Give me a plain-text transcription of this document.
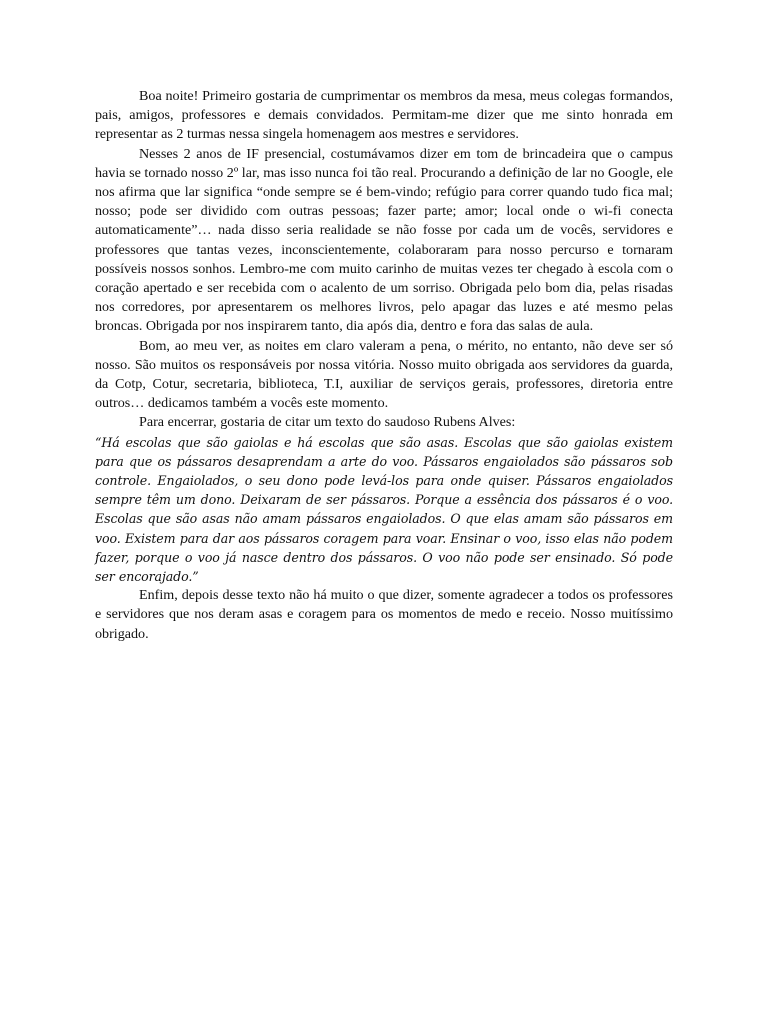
Boa noite! Primeiro gostaria de cumprimentar os membros da mesa, meus colegas formandos, pais, amigos, professores e demais convidados. Permitam-me dizer que me sinto honrada em representar as 2 turmas nessa singela homenagem aos mestres e servidores.

Nesses 2 anos de IF presencial, costumávamos dizer em tom de brincadeira que o campus havia se tornado nosso 2º lar, mas isso nunca foi tão real. Procurando a definição de lar no Google, ele nos afirma que lar significa “onde sempre se é bem-vindo; refúgio para correr quando tudo fica mal; nosso; pode ser dividido com outras pessoas; fazer parte; amor; local onde o wi-fi conecta automaticamente”… nada disso seria realidade se não fosse por cada um de vocês, servidores e professores que tantas vezes, inconscientemente, colaboraram para nosso percurso e tornaram possíveis nossos sonhos. Lembro-me com muito carinho de muitas vezes ter chegado à escola com o coração apertado e ser recebida com o acalento de um sorriso. Obrigada pelo bom dia, pelas risadas nos corredores, por apresentarem os melhores livros, pelo apagar das luzes e até mesmo pelas broncas. Obrigada por nos inspirarem tanto, dia após dia, dentro e fora das salas de aula.

Bom, ao meu ver, as noites em claro valeram a pena, o mérito, no entanto, não deve ser só nosso. São muitos os responsáveis por nossa vitória. Nosso muito obrigada aos servidores da guarda, da Cotp, Cotur, secretaria, biblioteca, T.I, auxiliar de serviços gerais, professores, diretoria entre outros… dedicamos também a vocês este momento.

Para encerrar, gostaria de citar um texto do saudoso Rubens Alves:

“Há escolas que são gaiolas e há escolas que são asas. Escolas que são gaiolas existem para que os pássaros desaprendam a arte do voo. Pássaros engaiolados são pássaros sob controle. Engaiolados, o seu dono pode levá-los para onde quiser. Pássaros engaiolados sempre têm um dono. Deixaram de ser pássaros. Porque a essência dos pássaros é o voo. Escolas que são asas não amam pássaros engaiolados. O que elas amam são pássaros em voo. Existem para dar aos pássaros coragem para voar. Ensinar o voo, isso elas não podem fazer, porque o voo já nasce dentro dos pássaros. O voo não pode ser ensinado. Só pode ser encorajado.”

Enfim, depois desse texto não há muito o que dizer, somente agradecer a todos os professores e servidores que nos deram asas e coragem para os momentos de medo e receio. Nosso muitíssimo obrigado.
